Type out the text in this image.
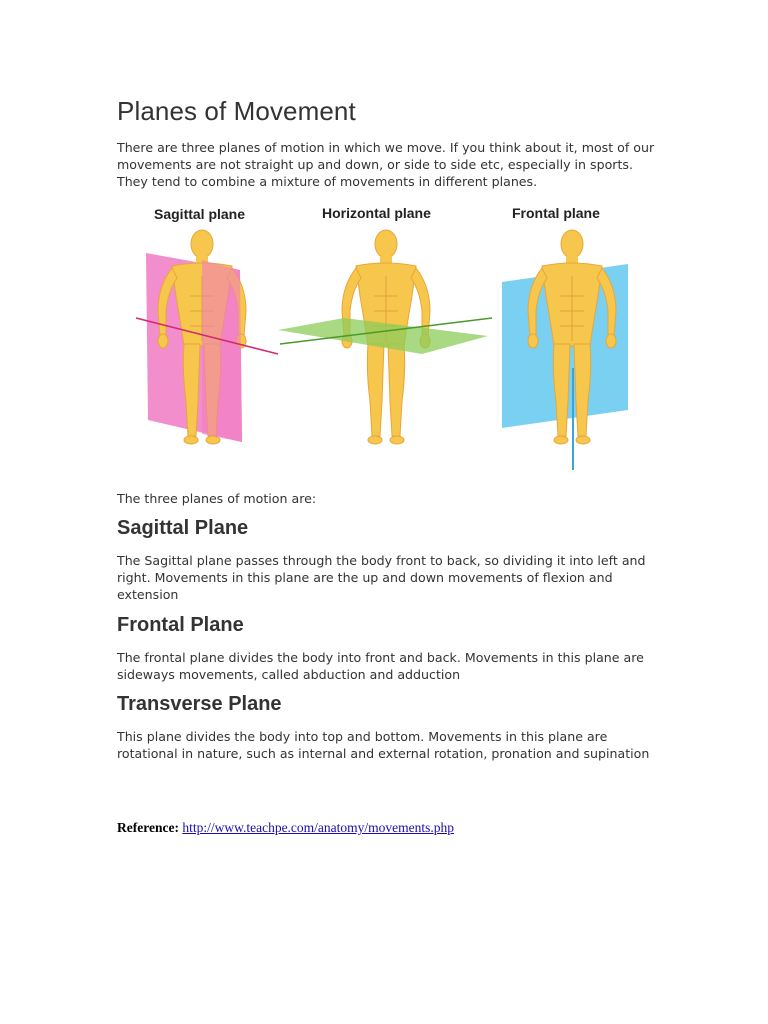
Planes of Movement

There are three planes of motion in which we move. If you think about it, most of our movements are not straight up and down, or side to side etc, especially in sports. They tend to combine a mixture of movements in different planes.

Sagittal plane	Horizontal plane	Frontal plane

The three planes of motion are:

Sagittal Plane

The Sagittal plane passes through the body front to back, so dividing it into left and right. Movements in this plane are the up and down movements of flexion and extension

Frontal Plane

The frontal plane divides the body into front and back. Movements in this plane are sideways movements, called abduction and adduction

Transverse Plane

This plane divides the body into top and bottom. Movements in this plane are rotational in nature, such as internal and external rotation, pronation and supination

Reference: http://www.teachpe.com/anatomy/movements.php
